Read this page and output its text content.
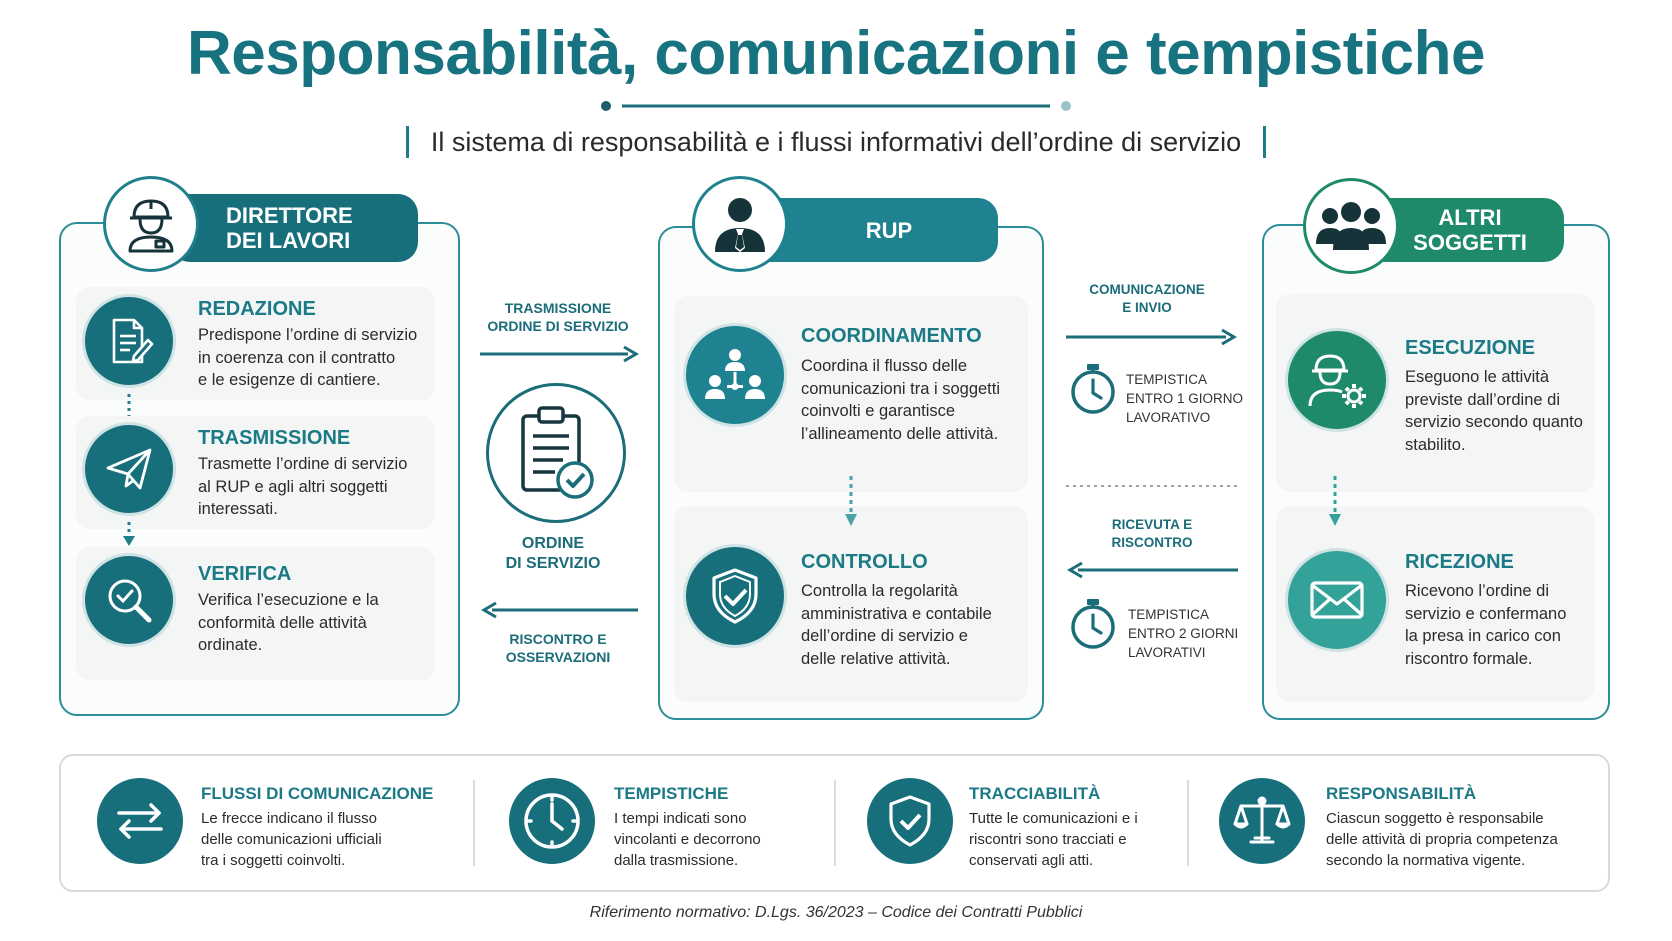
Responsabilità, comunicazioni e tempistiche
Il sistema di responsabilità e i flussi informativi dell’ordine di servizio
DIRETTORE
DEI LAVORI
REDAZIONE
Predispone l’ordine di servizio
in coerenza con il contratto
e le esigenze di cantiere.
TRASMISSIONE
Trasmette l’ordine di servizio
al RUP e agli altri soggetti
interessati.
VERIFICA
Verifica l’esecuzione e la
conformità delle attività
ordinate.
TRASMISSIONE
ORDINE DI SERVIZIO
ORDINE
DI SERVIZIO
RISCONTRO E
OSSERVAZIONI
RUP
COORDINAMENTO
Coordina il flusso delle
comunicazioni tra i soggetti
coinvolti e garantisce
l’allineamento delle attività.
CONTROLLO
Controlla la regolarità
amministrativa e contabile
dell’ordine di servizio e
delle relative attività.
COMUNICAZIONE
E INVIO
TEMPISTICA
ENTRO 1 GIORNO
LAVORATIVO
RICEVUTA E
RISCONTRO
TEMPISTICA
ENTRO 2 GIORNI
LAVORATIVI
ALTRI
SOGGETTI
ESECUZIONE
Eseguono le attività
previste dall’ordine di
servizio secondo quanto
stabilito.
RICEZIONE
Ricevono l’ordine di
servizio e confermano
la presa in carico con
riscontro formale.
FLUSSI DI COMUNICAZIONE
Le frecce indicano il flusso
delle comunicazioni ufficiali
tra i soggetti coinvolti.
TEMPISTICHE
I tempi indicati sono
vincolanti e decorrono
dalla trasmissione.
TRACCIABILITÀ
Tutte le comunicazioni e i
riscontri sono tracciati e
conservati agli atti.
RESPONSABILITÀ
Ciascun soggetto è responsabile
delle attività di propria competenza
secondo la normativa vigente.
Riferimento normativo: D.Lgs. 36/2023 – Codice dei Contratti Pubblici
